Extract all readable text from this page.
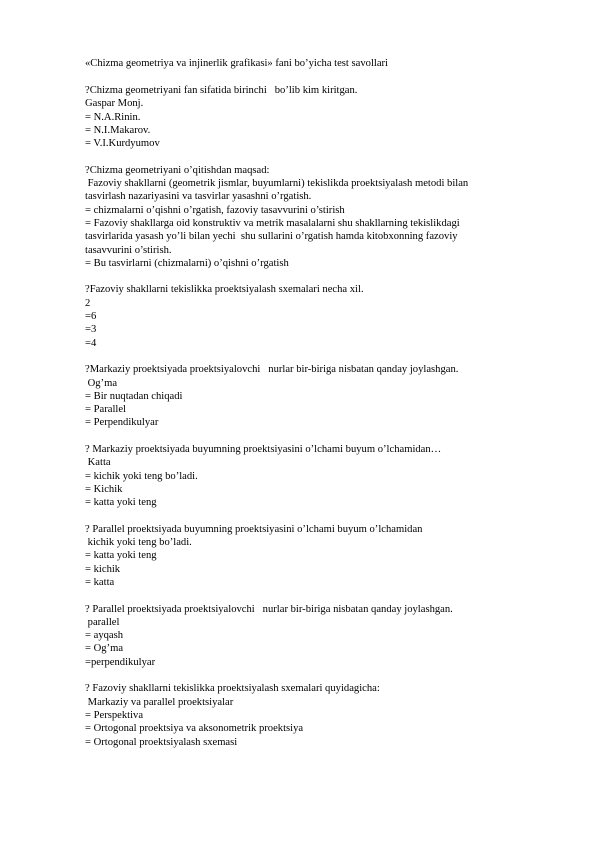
«Chizma geometriya va injinerlik grafikasi» fani bo’yicha test savollari
?Chizma geometriyani fan sifatida birinchi   bo’lib kim kiritgan.
Gaspar Monj.
= N.A.Rinin.
= N.I.Makarov.
= V.I.Kurdyumov
?Chizma geometriyani o’qitishdan maqsad:
Fazoviy shakllarni (geometrik jismlar, buyumlarni) tekislikda proektsiyalash metodi bilan
tasvirlash nazariyasini va tasvirlar yasashni o’rgatish.
= chizmalarni o’qishni o’rgatish, fazoviy tasavvurini o’stirish
= Fazoviy shakllarga oid konstruktiv va metrik masalalarni shu shakllarning tekislikdagi
tasvirlarida yasash yo’li bilan yechi  shu sullarini o’rgatish hamda kitobxonning fazoviy
tasavvurini o’stirish.
= Bu tasvirlarni (chizmalarni) o’qishni o’rgatish
?Fazoviy shakllarni tekislikka proektsiyalash sxemalari necha xil.
2
=6
=3
=4
?Markaziy proektsiyada proektsiyalovchi   nurlar bir-biriga nisbatan qanday joylashgan.
Og’ma
= Bir nuqtadan chiqadi
= Parallel
= Perpendikulyar
? Markaziy proektsiyada buyumning proektsiyasini o’lchami buyum o’lchamidan…
Katta
= kichik yoki teng bo’ladi.
= Kichik
= katta yoki teng
? Parallel proektsiyada buyumning proektsiyasini o’lchami buyum o’lchamidan
kichik yoki teng bo’ladi.
= katta yoki teng
= kichik
= katta
? Parallel proektsiyada proektsiyalovchi   nurlar bir-biriga nisbatan qanday joylashgan.
parallel
= ayqash
= Og’ma
=perpendikulyar
? Fazoviy shakllarni tekislikka proektsiyalash sxemalari quyidagicha:
Markaziy va parallel proektsiyalar
= Perspektiva
= Ortogonal proektsiya va aksonometrik proektsiya
= Ortogonal proektsiyalash sxemasi
